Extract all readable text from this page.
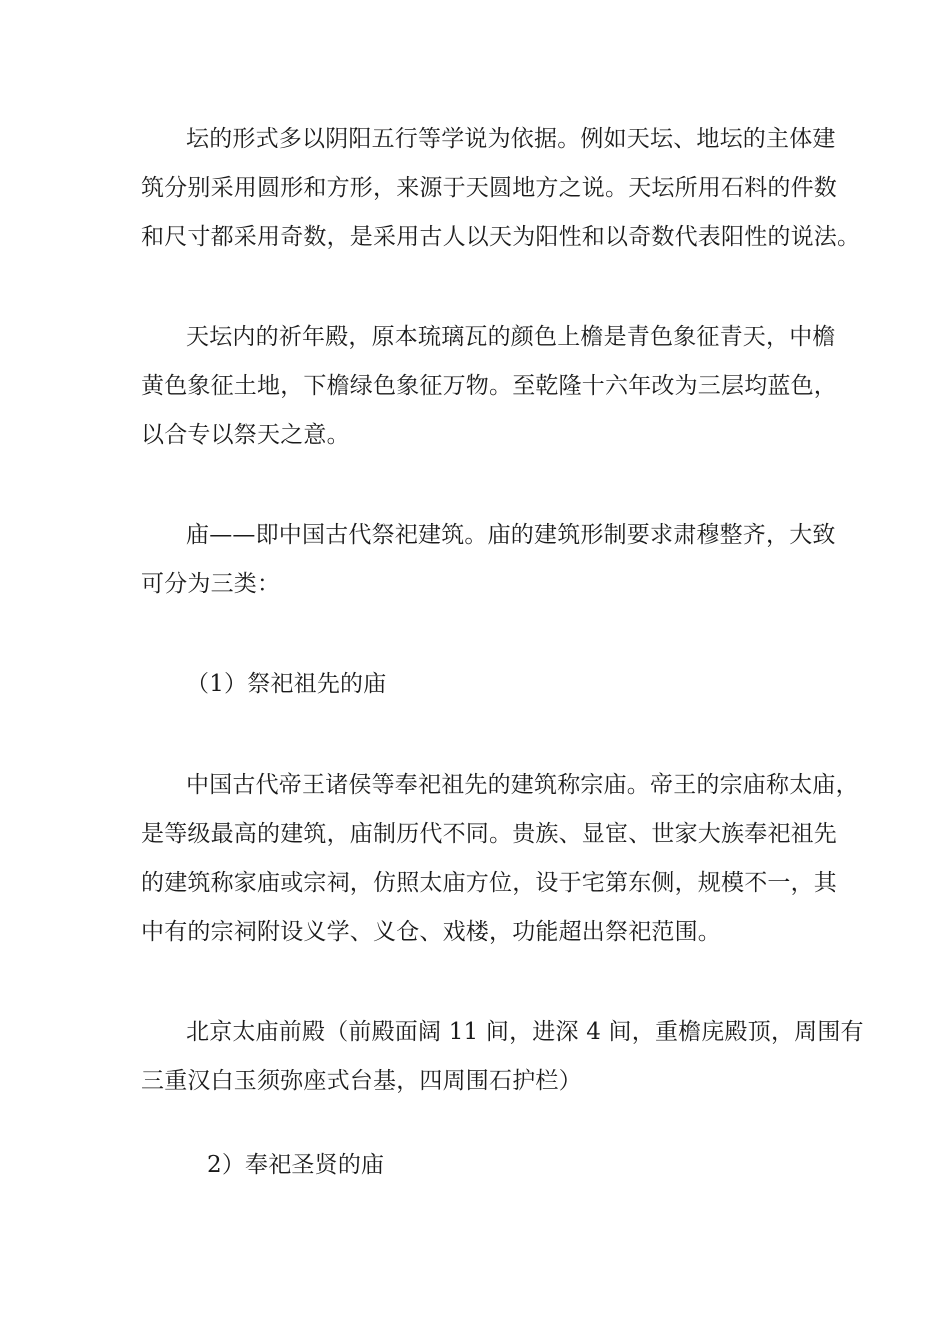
坛的形式多以阴阳五行等学说为依据。例如天坛、地坛的主体建
筑分别采用圆形和方形，来源于天圆地方之说。天坛所用石料的件数
和尺寸都采用奇数，是采用古人以天为阳性和以奇数代表阳性的说法。
天坛内的祈年殿，原本琉璃瓦的颜色上檐是青色象征青天，中檐
黄色象征土地，下檐绿色象征万物。至乾隆十六年改为三层均蓝色，
以合专以祭天之意。
庙——即中国古代祭祀建筑。庙的建筑形制要求肃穆整齐，大致
可分为三类：
（1）祭祀祖先的庙
中国古代帝王诸侯等奉祀祖先的建筑称宗庙。帝王的宗庙称太庙，
是等级最高的建筑，庙制历代不同。贵族、显宦、世家大族奉祀祖先
的建筑称家庙或宗祠，仿照太庙方位，设于宅第东侧，规模不一，其
中有的宗祠附设义学、义仓、戏楼，功能超出祭祀范围。
北京太庙前殿（前殿面阔 11 间，进深 4 间，重檐庑殿顶，周围有
三重汉白玉须弥座式台基，四周围石护栏）
2）奉祀圣贤的庙
